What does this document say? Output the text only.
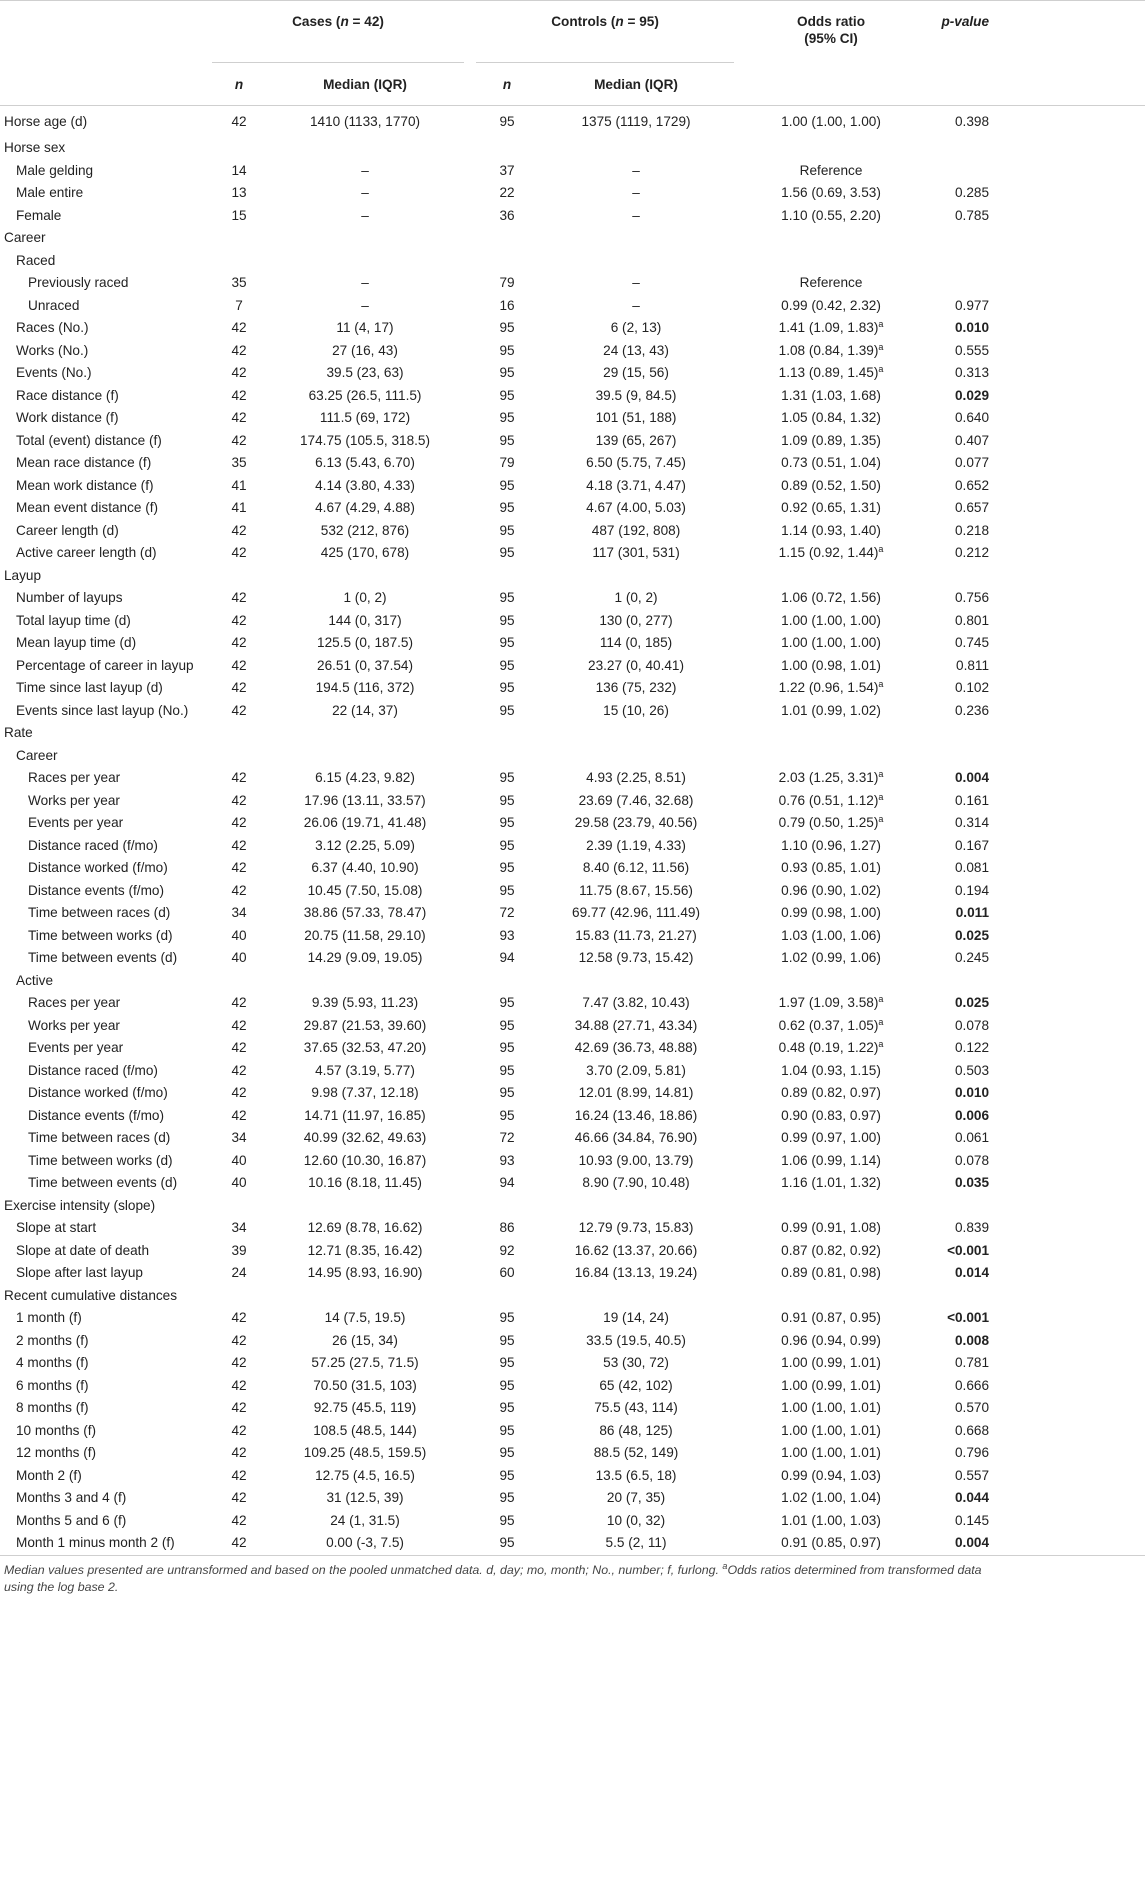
	Cases (n = 42)			Controls (n = 95)			Odds ratio
(95% CI)	p-value	
	n	Median (IQR)		n	Median (IQR)				
Horse age (d)	42	1410 (1133, 1770)		95	1375 (1119, 1729)		1.00 (1.00, 1.00)	0.398	
Horse sex									
Male gelding	14	–		37	–		Reference		
Male entire	13	–		22	–		1.56 (0.69, 3.53)	0.285	
Female	15	–		36	–		1.10 (0.55, 2.20)	0.785	
Career									
Raced									
Previously raced	35	–		79	–		Reference		
Unraced	7	–		16	–		0.99 (0.42, 2.32)	0.977	
Races (No.)	42	11 (4, 17)		95	6 (2, 13)		1.41 (1.09, 1.83)$^a$	0.010	
Works (No.)	42	27 (16, 43)		95	24 (13, 43)		1.08 (0.84, 1.39)$^a$	0.555	
Events (No.)	42	39.5 (23, 63)		95	29 (15, 56)		1.13 (0.89, 1.45)$^a$	0.313	
Race distance (f)	42	63.25 (26.5, 111.5)		95	39.5 (9, 84.5)		1.31 (1.03, 1.68)	0.029	
Work distance (f)	42	111.5 (69, 172)		95	101 (51, 188)		1.05 (0.84, 1.32)	0.640	
Total (event) distance (f)	42	174.75 (105.5, 318.5)		95	139 (65, 267)		1.09 (0.89, 1.35)	0.407	
Mean race distance (f)	35	6.13 (5.43, 6.70)		79	6.50 (5.75, 7.45)		0.73 (0.51, 1.04)	0.077	
Mean work distance (f)	41	4.14 (3.80, 4.33)		95	4.18 (3.71, 4.47)		0.89 (0.52, 1.50)	0.652	
Mean event distance (f)	41	4.67 (4.29, 4.88)		95	4.67 (4.00, 5.03)		0.92 (0.65, 1.31)	0.657	
Career length (d)	42	532 (212, 876)		95	487 (192, 808)		1.14 (0.93, 1.40)	0.218	
Active career length (d)	42	425 (170, 678)		95	117 (301, 531)		1.15 (0.92, 1.44)$^a$	0.212	
Layup									
Number of layups	42	1 (0, 2)		95	1 (0, 2)		1.06 (0.72, 1.56)	0.756	
Total layup time (d)	42	144 (0, 317)		95	130 (0, 277)		1.00 (1.00, 1.00)	0.801	
Mean layup time (d)	42	125.5 (0, 187.5)		95	114 (0, 185)		1.00 (1.00, 1.00)	0.745	
Percentage of career in layup	42	26.51 (0, 37.54)		95	23.27 (0, 40.41)		1.00 (0.98, 1.01)	0.811	
Time since last layup (d)	42	194.5 (116, 372)		95	136 (75, 232)		1.22 (0.96, 1.54)$^a$	0.102	
Events since last layup (No.)	42	22 (14, 37)		95	15 (10, 26)		1.01 (0.99, 1.02)	0.236	
Rate									
Career									
Races per year	42	6.15 (4.23, 9.82)		95	4.93 (2.25, 8.51)		2.03 (1.25, 3.31)$^a$	0.004	
Works per year	42	17.96 (13.11, 33.57)		95	23.69 (7.46, 32.68)		0.76 (0.51, 1.12)$^a$	0.161	
Events per year	42	26.06 (19.71, 41.48)		95	29.58 (23.79, 40.56)		0.79 (0.50, 1.25)$^a$	0.314	
Distance raced (f/mo)	42	3.12 (2.25, 5.09)		95	2.39 (1.19, 4.33)		1.10 (0.96, 1.27)	0.167	
Distance worked (f/mo)	42	6.37 (4.40, 10.90)		95	8.40 (6.12, 11.56)		0.93 (0.85, 1.01)	0.081	
Distance events (f/mo)	42	10.45 (7.50, 15.08)		95	11.75 (8.67, 15.56)		0.96 (0.90, 1.02)	0.194	
Time between races (d)	34	38.86 (57.33, 78.47)		72	69.77 (42.96, 111.49)		0.99 (0.98, 1.00)	0.011	
Time between works (d)	40	20.75 (11.58, 29.10)		93	15.83 (11.73, 21.27)		1.03 (1.00, 1.06)	0.025	
Time between events (d)	40	14.29 (9.09, 19.05)		94	12.58 (9.73, 15.42)		1.02 (0.99, 1.06)	0.245	
Active									
Races per year	42	9.39 (5.93, 11.23)		95	7.47 (3.82, 10.43)		1.97 (1.09, 3.58)$^a$	0.025	
Works per year	42	29.87 (21.53, 39.60)		95	34.88 (27.71, 43.34)		0.62 (0.37, 1.05)$^a$	0.078	
Events per year	42	37.65 (32.53, 47.20)		95	42.69 (36.73, 48.88)		0.48 (0.19, 1.22)$^a$	0.122	
Distance raced (f/mo)	42	4.57 (3.19, 5.77)		95	3.70 (2.09, 5.81)		1.04 (0.93, 1.15)	0.503	
Distance worked (f/mo)	42	9.98 (7.37, 12.18)		95	12.01 (8.99, 14.81)		0.89 (0.82, 0.97)	0.010	
Distance events (f/mo)	42	14.71 (11.97, 16.85)		95	16.24 (13.46, 18.86)		0.90 (0.83, 0.97)	0.006	
Time between races (d)	34	40.99 (32.62, 49.63)		72	46.66 (34.84, 76.90)		0.99 (0.97, 1.00)	0.061	
Time between works (d)	40	12.60 (10.30, 16.87)		93	10.93 (9.00, 13.79)		1.06 (0.99, 1.14)	0.078	
Time between events (d)	40	10.16 (8.18, 11.45)		94	8.90 (7.90, 10.48)		1.16 (1.01, 1.32)	0.035	
Exercise intensity (slope)									
Slope at start	34	12.69 (8.78, 16.62)		86	12.79 (9.73, 15.83)		0.99 (0.91, 1.08)	0.839	
Slope at date of death	39	12.71 (8.35, 16.42)		92	16.62 (13.37, 20.66)		0.87 (0.82, 0.92)	<0.001	
Slope after last layup	24	14.95 (8.93, 16.90)		60	16.84 (13.13, 19.24)		0.89 (0.81, 0.98)	0.014	
Recent cumulative distances									
1 month (f)	42	14 (7.5, 19.5)		95	19 (14, 24)		0.91 (0.87, 0.95)	<0.001	
2 months (f)	42	26 (15, 34)		95	33.5 (19.5, 40.5)		0.96 (0.94, 0.99)	0.008	
4 months (f)	42	57.25 (27.5, 71.5)		95	53 (30, 72)		1.00 (0.99, 1.01)	0.781	
6 months (f)	42	70.50 (31.5, 103)		95	65 (42, 102)		1.00 (0.99, 1.01)	0.666	
8 months (f)	42	92.75 (45.5, 119)		95	75.5 (43, 114)		1.00 (1.00, 1.01)	0.570	
10 months (f)	42	108.5 (48.5, 144)		95	86 (48, 125)		1.00 (1.00, 1.01)	0.668	
12 months (f)	42	109.25 (48.5, 159.5)		95	88.5 (52, 149)		1.00 (1.00, 1.01)	0.796	
Month 2 (f)	42	12.75 (4.5, 16.5)		95	13.5 (6.5, 18)		0.99 (0.94, 1.03)	0.557	
Months 3 and 4 (f)	42	31 (12.5, 39)		95	20 (7, 35)		1.02 (1.00, 1.04)	0.044	
Months 5 and 6 (f)	42	24 (1, 31.5)		95	10 (0, 32)		1.01 (1.00, 1.03)	0.145	
Month 1 minus month 2 (f)	42	0.00 (-3, 7.5)		95	5.5 (2, 11)		0.91 (0.85, 0.97)	0.004	
Median values presented are untransformed and based on the pooled unmatched data. d, day; mo, month; No., number; f, furlong. $^a$Odds ratios determined from transformed data
using the log base 2.
